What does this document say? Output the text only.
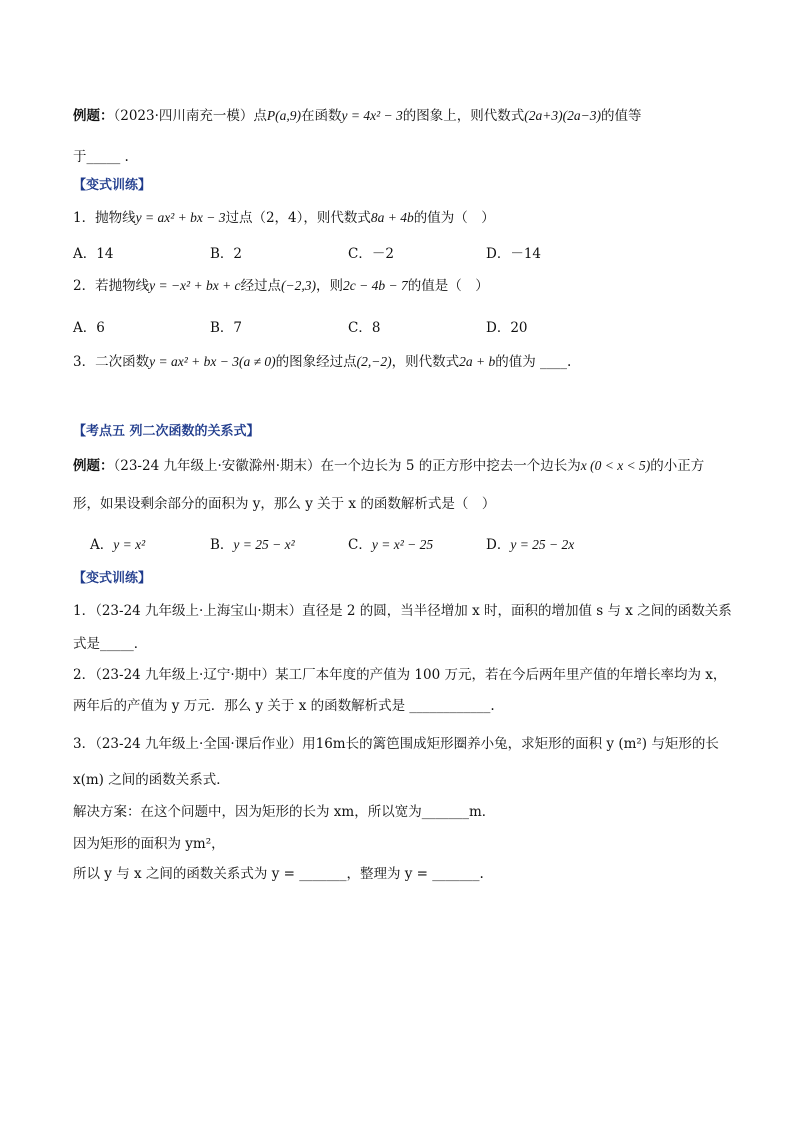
例题：（2023·四川南充一模）点P(a,9)在函数y = 4x² − 3的图象上，则代数式(2a+3)(2a−3)的值等
于_____ .
【变式训练】
1．抛物线y = ax² + bx − 3过点（2，4），则代数式8a + 4b的值为（　）
A．14	B．2	C．－2	D．－14
2．若抛物线y = −x² + bx + c经过点(−2,3)，则2c − 4b − 7的值是（　）
A．6	B．7	C．8	D．20
3．二次函数y = ax² + bx − 3(a ≠ 0)的图象经过点(2,−2)，则代数式2a + b的值为 ____.
【考点五 列二次函数的关系式】
例题：（23-24 九年级上·安徽滁州·期末）在一个边长为 5 的正方形中挖去一个边长为x (0 < x < 5)的小正方
形，如果设剩余部分的面积为 y，那么 y 关于 x 的函数解析式是（　）
A．y = x²	B．y = 25 − x²	C．y = x² − 25	D．y = 25 − 2x
【变式训练】
1．（23-24 九年级上·上海宝山·期末）直径是 2 的圆，当半径增加 x 时，面积的增加值 s 与 x 之间的函数关系
式是_____．
2．（23-24 九年级上·辽宁·期中）某工厂本年度的产值为 100 万元，若在今后两年里产值的年增长率均为 x，
两年后的产值为 y 万元．那么 y 关于 x 的函数解析式是 ____________.
3．（23-24 九年级上·全国·课后作业）用16m长的篱笆围成矩形圈养小兔，求矩形的面积 y (m²) 与矩形的长
x(m) 之间的函数关系式．
解决方案：在这个问题中，因为矩形的长为 xm，所以宽为_______m．
因为矩形的面积为 ym²，
所以 y 与 x 之间的函数关系式为 y = _______，整理为 y = _______.
